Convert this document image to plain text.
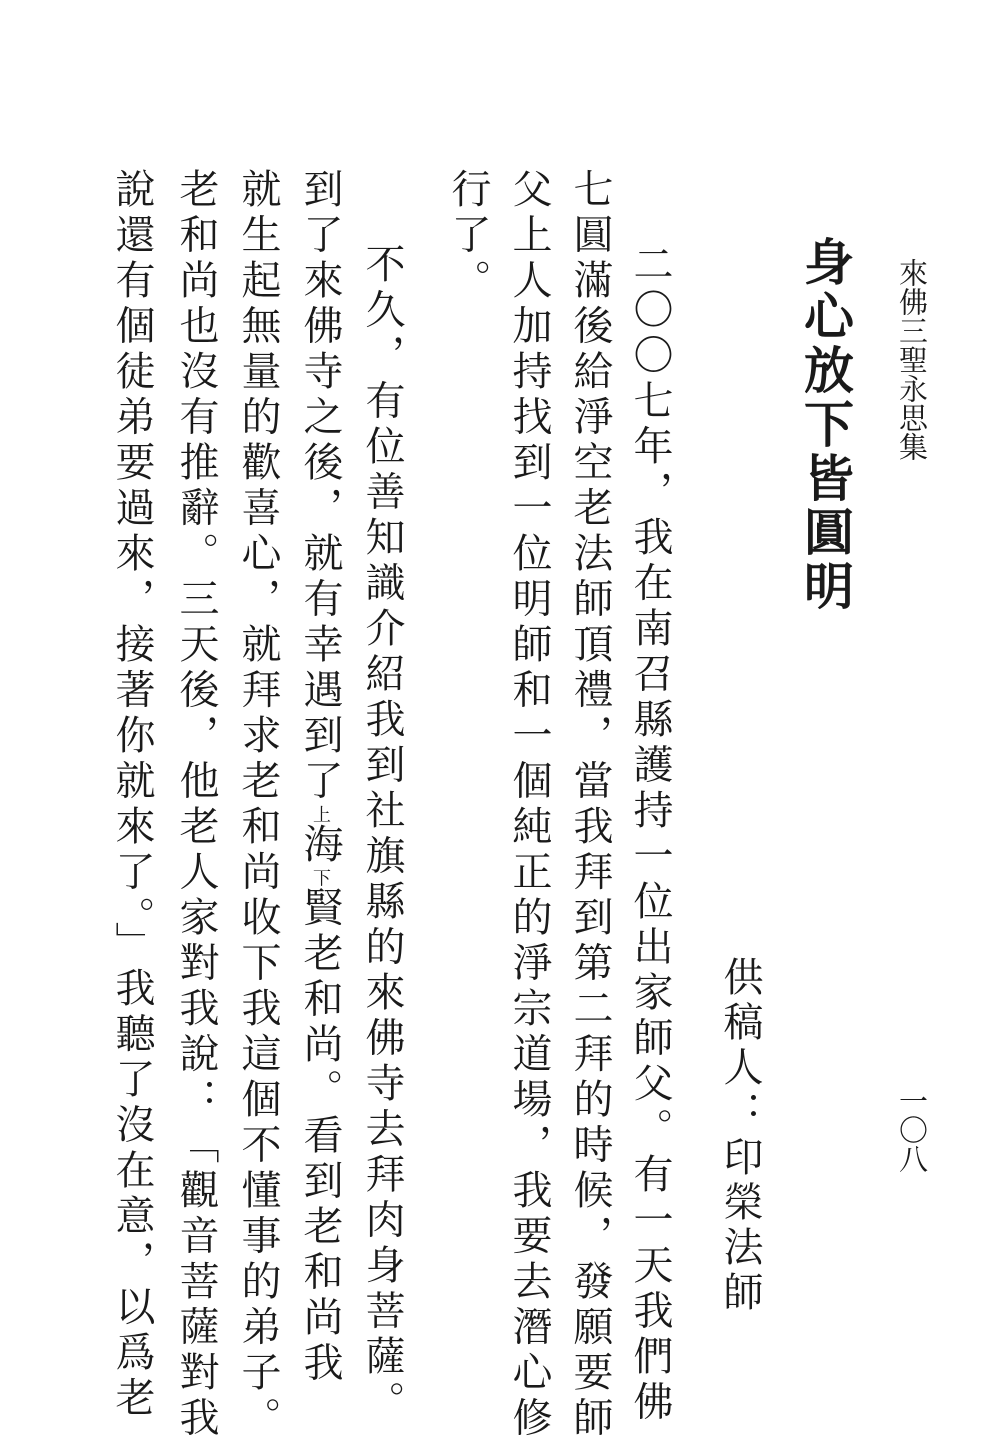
來佛三聖永思集
身心放下皆圓明
供稿人：印榮法師
二〇〇七年，我在南召縣護持一位出家師父。有一天我們佛
七圓滿後給淨空老法師頂禮，當我拜到第二拜的時候，發願要師
父上人加持找到一位明師和一個純正的淨宗道場，我要去潛心修
行了。
不久，有位善知識介紹我到社旗縣的來佛寺去拜肉身菩薩。
到了來佛寺之後，就有幸遇到了上海下賢老和尚。看到老和尚我
就生起無量的歡喜心，就拜求老和尚收下我這個不懂事的弟子。
老和尚也沒有推辭。三天後，他老人家對我說：「觀音菩薩對我
說還有個徒弟要過來，接著你就來了。」我聽了沒在意，以爲老	一〇八
